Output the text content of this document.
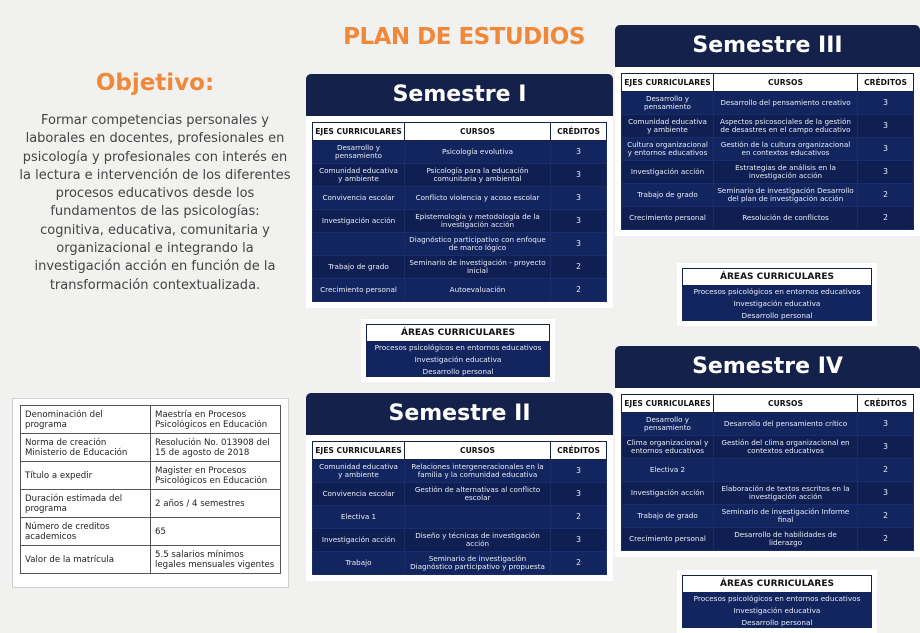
PLAN DE ESTUDIOS
Objetivo:
Formar competencias personales y laborales en docentes, profesionales en psicología y profesionales con interés en la lectura e intervención de los diferentes procesos educativos desde los fundamentos de las psicologías: cognitiva, educativa, comunitaria y organizacional e integrando la investigación acción en función de la transformación contextualizada.
Denominación del programa	Maestría en Procesos Psicológicos en Educación
Norma de creación Ministerio de Educación	Resolución No. 013908 del 15 de agosto de 2018
Título a expedir	Magister en Procesos Psicológicos en Educación
Duración estimada del programa	2 años / 4 semestres
Número de creditos academicos	65
Valor de la matrícula	5.5 salarios mínimos legales mensuales vigentes
Semestre I
EJES CURRICULARES	CURSOS	CRÉDITOS
Desarrollo y pensamiento	Psicología evolutiva	3
Comunidad educativa y ambiente	Psicología para la educación comunitaria y ambiental	3
Convivencia escolar	Conflicto violencia y acoso escolar	3
Investigación acción	Epistemología y metodología de la investigación acción	3
	Diagnóstico participativo con enfoque de marco lógico	3
Trabajo de grado	Seminario de investigación - proyecto inicial	2
Crecimiento personal	Autoevaluación	2
ÁREAS CURRICULARES
Procesos psicológicos en entornos educativos
Investigación educativa
Desarrollo personal
Semestre II
EJES CURRICULARES	CURSOS	CRÉDITOS
Comunidad educativa y ambiente	Relaciones intergeneracionales en la familia y la comunidad educativa	3
Convivencia escolar	Gestión de alternativas al conflicto escolar	3
Electiva 1		2
Investigación acción	Diseño y técnicas de investigación acción	3
Trabajo	Seminario de investigación Diagnóstico participativo y propuesta	2
Semestre III
EJES CURRICULARES	CURSOS	CRÉDITOS
Desarrollo y pensamiento	Desarrollo del pensamiento creativo	3
Comunidad educativa y ambiente	Aspectos psicosociales de la gestión de desastres en el campo educativo	3
Cultura organizacional y entornos educativos	Gestión de la cultura organizacional en contextos educativos	3
Investigación acción	Estrategias de análisis en la investigación acción	3
Trabajo de grado	Seminario de investigación Desarrollo del plan de investigación acción	2
Crecimiento personal	Resolución de conflictos	2
ÁREAS CURRICULARES
Procesos psicológicos en entornos educativos
Investigación educativa
Desarrollo personal
Semestre IV
EJES CURRICULARES	CURSOS	CRÉDITOS
Desarrollo y pensamiento	Desarrollo del pensamiento crítico	3
Clima organizacional y entornos educativos	Gestión del clima organizacional en contextos educativos	3
Electiva 2		2
Investigación acción	Elaboración de textos escritos en la investigación acción	3
Trabajo de grado	Seminario de investigación Informe final	2
Crecimiento personal	Desarrollo de habilidades de liderazgo	2
ÁREAS CURRICULARES
Procesos psicológicos en entornos educativos
Investigación educativa
Desarrollo personal
